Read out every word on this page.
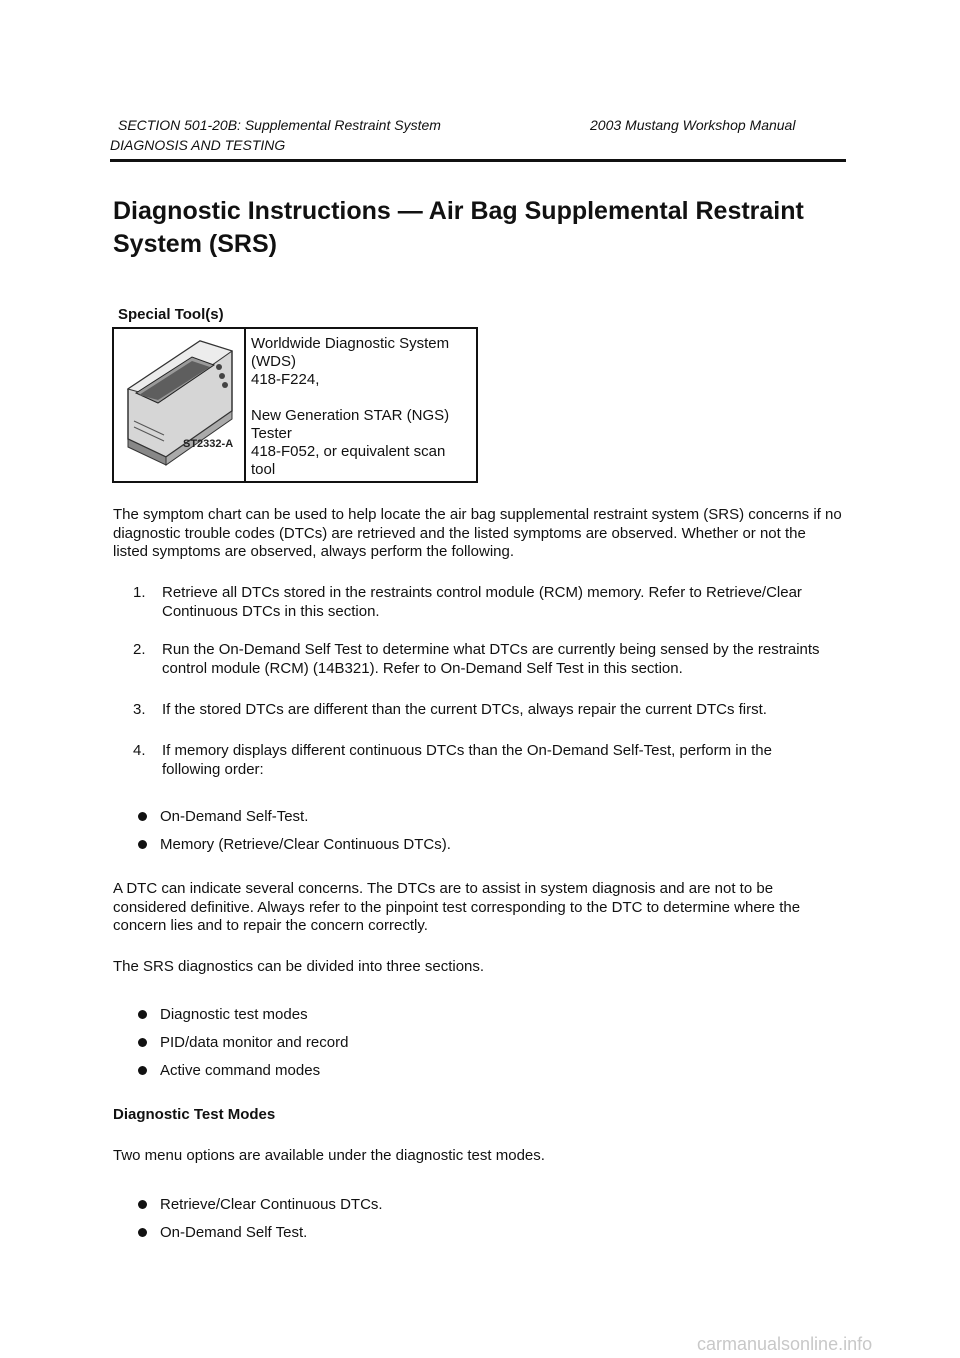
SECTION 501-20B: Supplemental Restraint System	2003 Mustang Workshop Manual
DIAGNOSIS AND TESTING
Diagnostic Instructions — Air Bag Supplemental Restraint System (SRS)
Special Tool(s)
ST2332-A
Worldwide Diagnostic System
(WDS)
418-F224,

New Generation STAR (NGS)
Tester
418-F052, or equivalent scan
tool
The symptom chart can be used to help locate the air bag supplemental restraint system (SRS) concerns if no diagnostic trouble codes (DTCs) are retrieved and the listed symptoms are observed. Whether or not the listed symptoms are observed, always perform the following.
1.	Retrieve all DTCs stored in the restraints control module (RCM) memory. Refer to Retrieve/Clear Continuous DTCs in this section.
2.	Run the On-Demand Self Test to determine what DTCs are currently being sensed by the restraints control module (RCM) (14B321). Refer to On-Demand Self Test in this section.
3.	If the stored DTCs are different than the current DTCs, always repair the current DTCs first.
4.	If memory displays different continuous DTCs than the On-Demand Self-Test, perform in the following order:
On-Demand Self-Test.
Memory (Retrieve/Clear Continuous DTCs).
A DTC can indicate several concerns. The DTCs are to assist in system diagnosis and are not to be considered definitive. Always refer to the pinpoint test corresponding to the DTC to determine where the concern lies and to repair the concern correctly.
The SRS diagnostics can be divided into three sections.
Diagnostic test modes
PID/data monitor and record
Active command modes
Diagnostic Test Modes
Two menu options are available under the diagnostic test modes.
Retrieve/Clear Continuous DTCs.
On-Demand Self Test.
carmanualsonline.info
